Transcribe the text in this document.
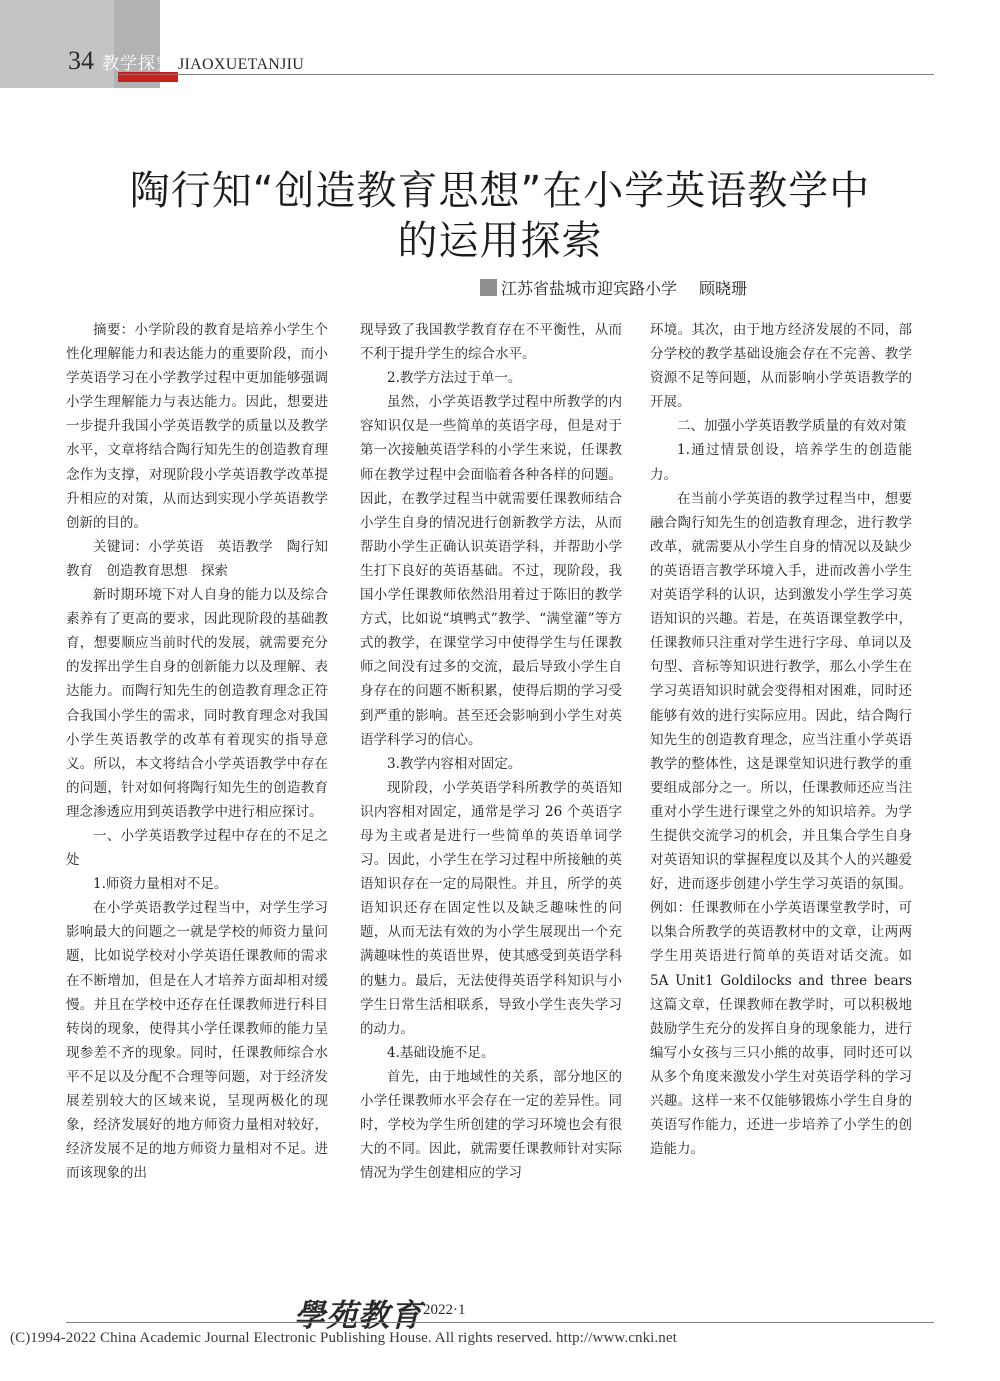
34 教学探究 JIAOXUETANJIU
陶行知“创造教育思想”在小学英语教学中
的运用探索
江苏省盐城市迎宾路小学 顾晓珊

摘要：小学阶段的教育是培养小学生个性化理解能力和表达能力的重要阶段，而小学英语学习在小学教学过程中更加能够强调小学生理解能力与表达能力。因此，想要进一步提升我国小学英语教学的质量以及教学水平，文章将结合陶行知先生的创造教育理念作为支撑，对现阶段小学英语教学改革提升相应的对策，从而达到实现小学英语教学创新的目的。

关键词：小学英语　英语教学　陶行知教育　创造教育思想　探索

新时期环境下对人自身的能力以及综合素养有了更高的要求，因此现阶段的基础教育，想要顺应当前时代的发展，就需要充分的发挥出学生自身的创新能力以及理解、表达能力。而陶行知先生的创造教育理念正符合我国小学生的需求，同时教育理念对我国小学生英语教学的改革有着现实的指导意义。所以，本文将结合小学英语教学中存在的问题，针对如何将陶行知先生的创造教育理念渗透应用到英语教学中进行相应探讨。

一、小学英语教学过程中存在的不足之处

1.师资力量相对不足。

在小学英语教学过程当中，对学生学习影响最大的问题之一就是学校的师资力量问题，比如说学校对小学英语任课教师的需求在不断增加，但是在人才培养方面却相对缓慢。并且在学校中还存在任课教师进行科目转岗的现象，使得其小学任课教师的能力呈现参差不齐的现象。同时，任课教师综合水平不足以及分配不合理等问题，对于经济发展差别较大的区域来说，呈现两极化的现象，经济发展好的地方师资力量相对较好，经济发展不足的地方师资力量相对不足。进而该现象的出

现导致了我国教学教育存在不平衡性，从而不利于提升学生的综合水平。

2.教学方法过于单一。

虽然，小学英语教学过程中所教学的内容知识仅是一些简单的英语字母，但是对于第一次接触英语学科的小学生来说，任课教师在教学过程中会面临着各种各样的问题。因此，在教学过程当中就需要任课教师结合小学生自身的情况进行创新教学方法，从而帮助小学生正确认识英语学科，并帮助小学生打下良好的英语基础。不过，现阶段，我国小学任课教师依然沿用着过于陈旧的教学方式，比如说“填鸭式”教学、“满堂灌”等方式的教学，在课堂学习中使得学生与任课教师之间没有过多的交流，最后导致小学生自身存在的问题不断积累，使得后期的学习受到严重的影响。甚至还会影响到小学生对英语学科学习的信心。

3.教学内容相对固定。

现阶段，小学英语学科所教学的英语知识内容相对固定，通常是学习 26 个英语字母为主或者是进行一些简单的英语单词学习。因此，小学生在学习过程中所接触的英语知识存在一定的局限性。并且，所学的英语知识还存在固定性以及缺乏趣味性的问题，从而无法有效的为小学生展现出一个充满趣味性的英语世界，使其感受到英语学科的魅力。最后，无法使得英语学科知识与小学生日常生活相联系，导致小学生丧失学习的动力。

4.基础设施不足。

首先，由于地域性的关系，部分地区的小学任课教师水平会存在一定的差异性。同时，学校为学生所创建的学习环境也会有很大的不同。因此，就需要任课教师针对实际情况为学生创建相应的学习

环境。其次，由于地方经济发展的不同，部分学校的教学基础设施会存在不完善、教学资源不足等问题，从而影响小学英语教学的开展。

二、加强小学英语教学质量的有效对策

1.通过情景创设，培养学生的创造能力。

在当前小学英语的教学过程当中，想要融合陶行知先生的创造教育理念，进行教学改革，就需要从小学生自身的情况以及缺少的英语语言教学环境入手，进而改善小学生对英语学科的认识，达到激发小学生学习英语知识的兴趣。若是，在英语课堂教学中，任课教师只注重对学生进行字母、单词以及句型、音标等知识进行教学，那么小学生在学习英语知识时就会变得相对困难，同时还能够有效的进行实际应用。因此，结合陶行知先生的创造教育理念，应当注重小学英语教学的整体性，这是课堂知识进行教学的重要组成部分之一。所以，任课教师还应当注重对小学生进行课堂之外的知识培养。为学生提供交流学习的机会，并且集合学生自身对英语知识的掌握程度以及其个人的兴趣爱好，进而逐步创建小学生学习英语的氛围。例如：任课教师在小学英语课堂教学时，可以集合所教学的英语教材中的文章，让两两学生用英语进行简单的英语对话交流。如 5A Unit1 Goldilocks and three bears 这篇文章，任课教师在教学时，可以积极地鼓励学生充分的发挥自身的现象能力，进行编写小女孩与三只小熊的故事，同时还可以从多个角度来激发小学生对英语学科的学习兴趣。这样一来不仅能够锻炼小学生自身的英语写作能力，还进一步培养了小学生的创造能力。

學苑教育 2022·1
(C)1994-2022 China Academic Journal Electronic Publishing House. All rights reserved. http://www.cnki.net
